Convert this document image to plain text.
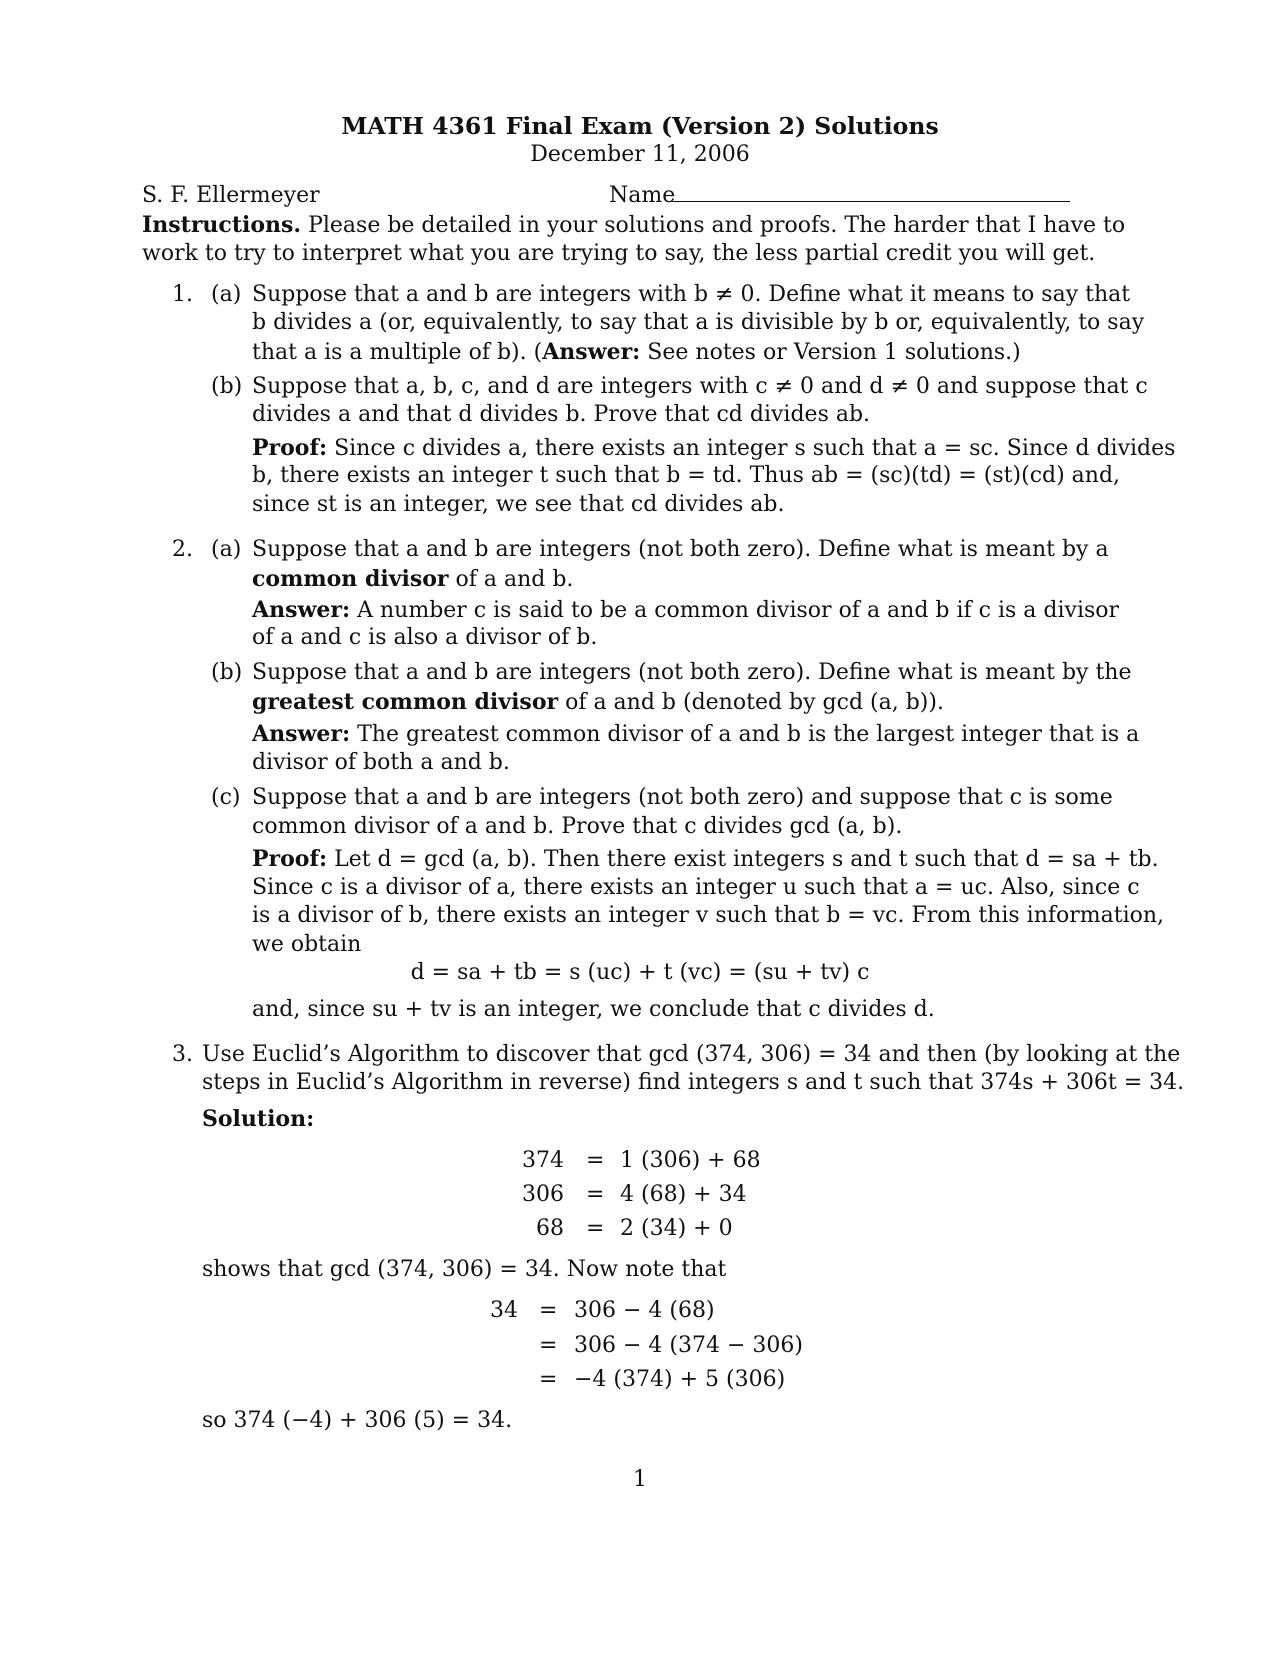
MATH 4361 Final Exam (Version 2) Solutions
December 11, 2006
S. F. Ellermeyer	Name
Instructions. Please be detailed in your solutions and proofs. The harder that I have to
work to try to interpret what you are trying to say, the less partial credit you will get.
1. (a) Suppose that a and b are integers with b ≠ 0. Define what it means to say that
b divides a (or, equivalently, to say that a is divisible by b or, equivalently, to say
that a is a multiple of b). (Answer: See notes or Version 1 solutions.)
(b) Suppose that a, b, c, and d are integers with c ≠ 0 and d ≠ 0 and suppose that c
divides a and that d divides b. Prove that cd divides ab.
Proof: Since c divides a, there exists an integer s such that a = sc. Since d divides
b, there exists an integer t such that b = td. Thus ab = (sc)(td) = (st)(cd) and,
since st is an integer, we see that cd divides ab.
2. (a) Suppose that a and b are integers (not both zero). Define what is meant by a
common divisor of a and b.
Answer: A number c is said to be a common divisor of a and b if c is a divisor
of a and c is also a divisor of b.
(b) Suppose that a and b are integers (not both zero). Define what is meant by the
greatest common divisor of a and b (denoted by gcd (a, b)).
Answer: The greatest common divisor of a and b is the largest integer that is a
divisor of both a and b.
(c) Suppose that a and b are integers (not both zero) and suppose that c is some
common divisor of a and b. Prove that c divides gcd (a, b).
Proof: Let d = gcd (a, b). Then there exist integers s and t such that d = sa + tb.
Since c is a divisor of a, there exists an integer u such that a = uc. Also, since c
is a divisor of b, there exists an integer v such that b = vc. From this information,
we obtain
d = sa + tb = s (uc) + t (vc) = (su + tv) c
and, since su + tv is an integer, we conclude that c divides d.
3. Use Euclid’s Algorithm to discover that gcd (374, 306) = 34 and then (by looking at the
steps in Euclid’s Algorithm in reverse) find integers s and t such that 374s + 306t = 34.
Solution:
374 = 1 (306) + 68
306 = 4 (68) + 34
68 = 2 (34) + 0
shows that gcd (374, 306) = 34. Now note that
34 = 306 − 4 (68)
= 306 − 4 (374 − 306)
= −4 (374) + 5 (306)
so 374 (−4) + 306 (5) = 34.
1
